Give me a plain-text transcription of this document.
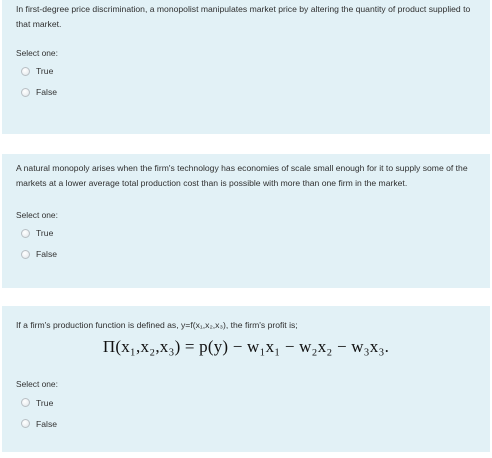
In first-degree price discrimination, a monopolist manipulates market price by altering the quantity of product supplied to that market.

Select one:

True
False

A natural monopoly arises when the firm's technology has economies of scale small enough for it to supply some of the markets at a lower average total production cost than is possible with more than one firm in the market.

Select one:

True
False

If a firm's production function is defined as, y=f(x₁,x₂,x₃), the firm's profit is;

Π(x₁,x₂,x₃) = p(y) − w₁x₁ − w₂x₂ − w₃x₃.

Select one:

True
False
